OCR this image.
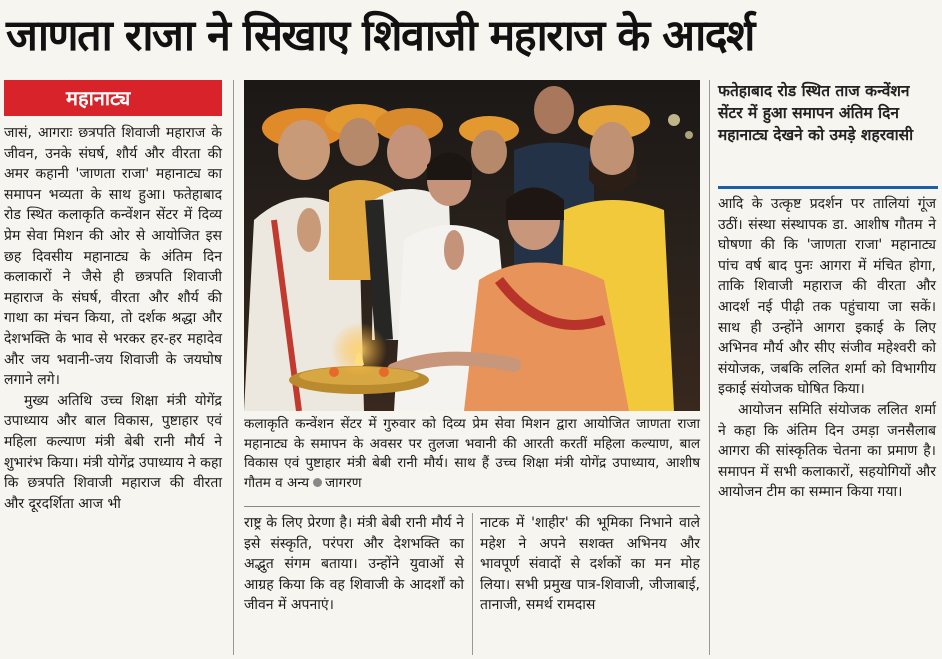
जाणता राजा ने सिखाए शिवाजी महाराज के आदर्श
महानाट्य

जासं, आगराः छत्रपति शिवाजी महाराज के जीवन, उनके संघर्ष, शौर्य और वीरता की अमर कहानी 'जाणता राजा' महानाट्य का समापन भव्यता के साथ हुआ। फतेहाबाद रोड स्थित कलाकृति कन्वेंशन सेंटर में दिव्य प्रेम सेवा मिशन की ओर से आयोजित इस छह दिवसीय महानाट्य के अंतिम दिन कलाकारों ने जैसे ही छत्रपति शिवाजी महाराज के संघर्ष, वीरता और शौर्य की गाथा का मंचन किया, तो दर्शक श्रद्धा और देशभक्ति के भाव से भरकर हर-हर महादेव और जय भवानी-जय शिवाजी के जयघोष लगाने लगे।

मुख्य अतिथि उच्च शिक्षा मंत्री योगेंद्र उपाध्याय और बाल विकास, पुष्टाहार एवं महिला कल्याण मंत्री बेबी रानी मौर्य ने शुभारंभ किया। मंत्री योगेंद्र उपाध्याय ने कहा कि छत्रपति शिवाजी महाराज की वीरता और दूरदर्शिता आज भी

कलाकृति कन्वेंशन सेंटर में गुरुवार को दिव्य प्रेम सेवा मिशन द्वारा आयोजित जाणता राजा महानाट्य के समापन के अवसर पर तुलजा भवानी की आरती करतीं महिला कल्याण, बाल विकास एवं पुष्टाहार मंत्री बेबी रानी मौर्य। साथ हैं उच्च शिक्षा मंत्री योगेंद्र उपाध्याय, आशीष गौतम व अन्य जागरण

राष्ट्र के लिए प्रेरणा है। मंत्री बेबी रानी मौर्य ने इसे संस्कृति, परंपरा और देशभक्ति का अद्भुत संगम बताया। उन्होंने युवाओं से आग्रह किया कि वह शिवाजी के आदर्शों को जीवन में अपनाएं।

नाटक में 'शाहीर' की भूमिका निभाने वाले महेश ने अपने सशक्त अभिनय और भावपूर्ण संवादों से दर्शकों का मन मोह लिया। सभी प्रमुख पात्र-शिवाजी, जीजाबाई, तानाजी, समर्थ रामदास

फतेहाबाद रोड स्थित ताज कन्वेंशन सेंटर में हुआ समापन अंतिम दिन महानाट्य देखने को उमड़े शहरवासी

आदि के उत्कृष्ट प्रदर्शन पर तालियां गूंज उठीं। संस्था संस्थापक डा. आशीष गौतम ने घोषणा की कि 'जाणता राजा' महानाट्य पांच वर्ष बाद पुनः आगरा में मंचित होगा, ताकि शिवाजी महाराज की वीरता और आदर्श नई पीढ़ी तक पहुंचाया जा सकें। साथ ही उन्होंने आगरा इकाई के लिए अभिनव मौर्य और सीए संजीव महेश्वरी को संयोजक, जबकि ललित शर्मा को विभागीय इकाई संयोजक घोषित किया।

आयोजन समिति संयोजक ललित शर्मा ने कहा कि अंतिम दिन उमड़ा जनसैलाब आगरा की सांस्कृतिक चेतना का प्रमाण है। समापन में सभी कलाकारों, सहयोगियों और आयोजन टीम का सम्मान किया गया।
